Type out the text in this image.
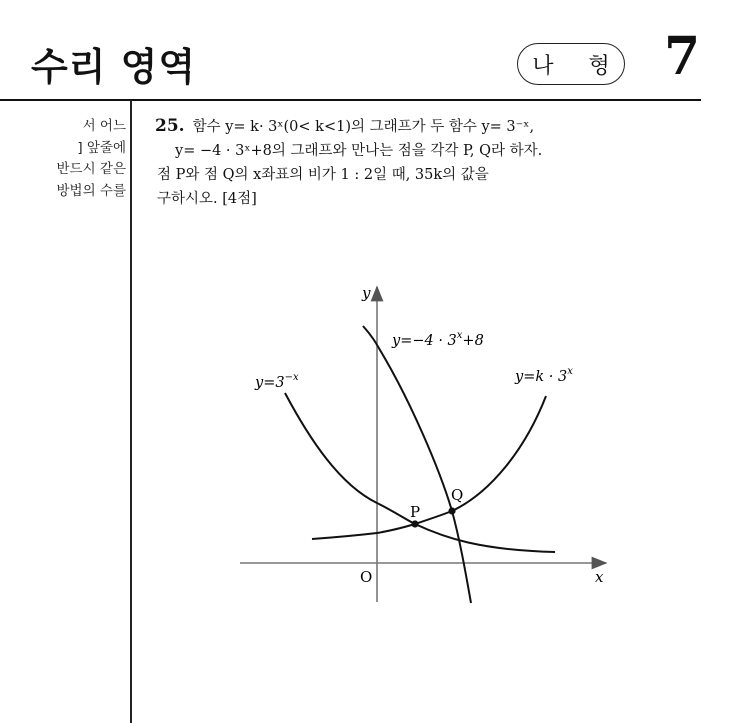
수리 영역	나 형 7
서 어느
] 앞줄에
반드시 같은
방법의 수를
25. 함수 y= k· 3ˣ(0< k<1)의 그래프가 두 함수 y= 3⁻ˣ,
y= −4 · 3ˣ+8의 그래프와 만나는 점을 각각 P, Q라 하자.
점 P와 점 Q의 x좌표의 비가 1 : 2일 때, 35k의 값을
구하시오. [4점]
y
x
O
P
Q
$y=3^{-x}$
$y=-4 \cdot 3^x+8$
$y=k \cdot 3^x$
